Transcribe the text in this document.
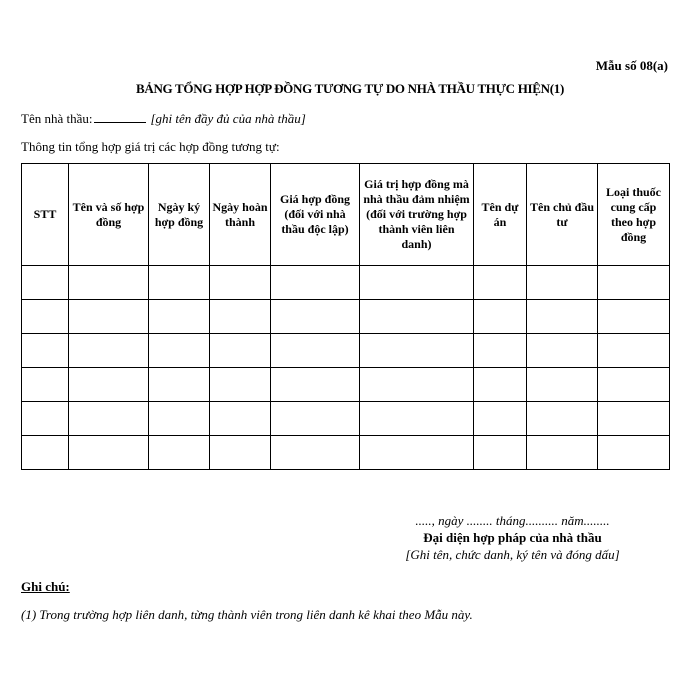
Mẫu số 08(a)
BẢNG TỔNG HỢP HỢP ĐỒNG TƯƠNG TỰ DO NHÀ THẦU THỰC HIỆN(1)
Tên nhà thầu:	[ghi tên đầy đủ của nhà thầu]
Thông tin tổng hợp giá trị các hợp đồng tương tự:
STT	Tên và số hợp đồng	Ngày ký hợp đồng	Ngày hoàn thành	Giá hợp đồng (đối với nhà thầu độc lập)	Giá trị hợp đồng mà nhà thầu đảm nhiệm (đối với trường hợp thành viên liên danh)	Tên dự án	Tên chủ đầu tư	Loại thuốc cung cấp theo hợp đồng

....., ngày ........ tháng.......... năm........
Đại diện hợp pháp của nhà thầu
[Ghi tên, chức danh, ký tên và đóng dấu]
Ghi chú:
(1) Trong trường hợp liên danh, từng thành viên trong liên danh kê khai theo Mẫu này.
